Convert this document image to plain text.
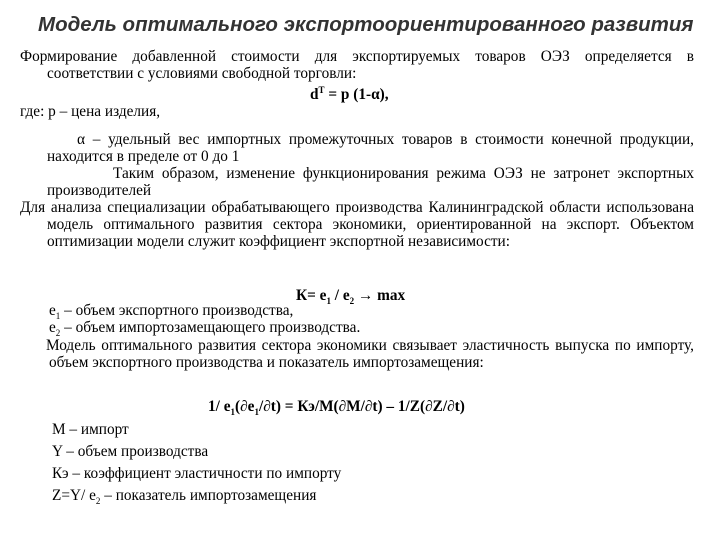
Модель оптимального экспортоориентированного развития
Формирование добавленной стоимости для экспортируемых товаров ОЭЗ определяется в соответствии с условиями свободной торговли:
$d^T = p$ (1-α),
где: р – цена изделия,
α – удельный вес импортных промежуточных товаров в стоимости конечной продукции, находится в пределе от 0 до 1
Таким образом, изменение функционирования режима ОЭЗ не затронет экспортных производителей
Для анализа специализации обрабатывающего производства Калининградской области использована модель оптимального развития сектора экономики, ориентированной на экспорт. Объектом оптимизации модели служит коэффициент экспортной независимости:
$К= e_1 / e_2 \to \max$
$e_1$ – объем экспортного производства,
$e_2$ – объем импортозамещающего производства.
Модель оптимального развития сектора экономики связывает эластичность выпуска по импорту, объем экспортного производства и показатель импортозамещения:
1/ $e_1(\partial e_1/\partial t) = Кэ/M(\partial M/\partial t) - 1/Z(\partial Z/\partial t)$
M – импорт
Y – объем производства
Кэ – коэффициент эластичности по импорту
Z=Y/ $e_2$ – показатель импортозамещения
